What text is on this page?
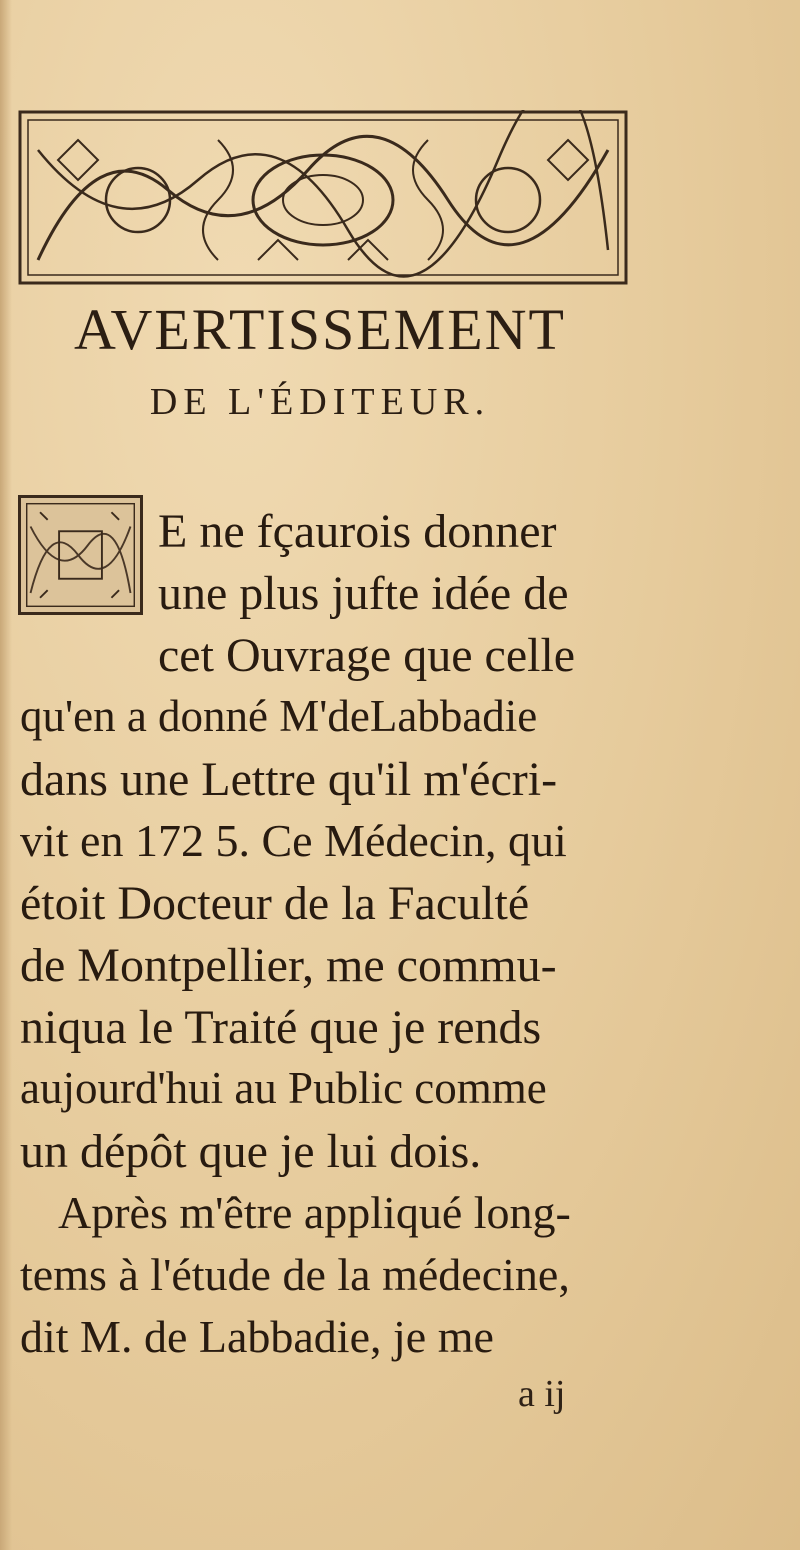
AVERTISSEMENT
DE L'ÉDITEUR.
E ne fçaurois donner
une plus jufte idée de
cet Ouvrage que celle
qu'en a donné M'deLabbadie
dans une Lettre qu'il m'écri-
vit en 172 5. Ce Médecin, qui
étoit Docteur de la Faculté
de Montpellier, me commu-
niqua le Traité que je rends
aujourd'hui au Public comme
un dépôt que je lui dois.
Après m'être appliqué long-
tems à l'étude de la médecine,
dit M. de Labbadie, je me
a ij
